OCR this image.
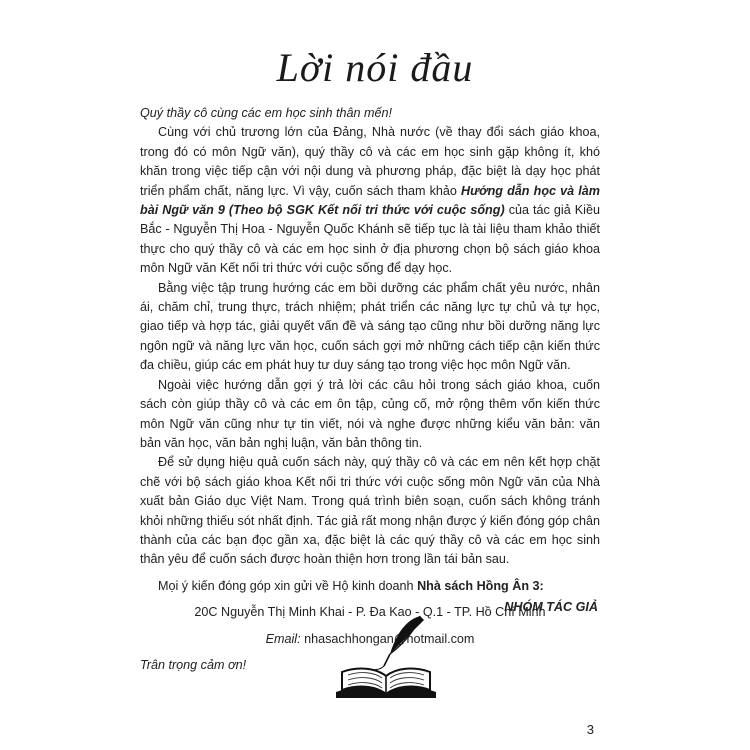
Lời nói đầu

Quý thầy cô cùng các em học sinh thân mến!

Cùng với chủ trương lớn của Đảng, Nhà nước (về thay đổi sách giáo khoa, trong đó có môn Ngữ văn), quý thầy cô và các em học sinh gặp không ít, khó khăn trong việc tiếp cận với nội dung và phương pháp, đặc biệt là dạy học phát triển phẩm chất, năng lực. Vì vậy, cuốn sách tham khảo Hướng dẫn học và làm bài Ngữ văn 9 (Theo bộ SGK Kết nối tri thức với cuộc sống) của tác giả Kiều Bắc - Nguyễn Thị Hoa - Nguyễn Quốc Khánh sẽ tiếp tục là tài liệu tham khảo thiết thực cho quý thầy cô và các em học sinh ở địa phương chọn bộ sách giáo khoa môn Ngữ văn Kết nối tri thức với cuộc sống để dạy học.

Bằng việc tập trung hướng các em bồi dưỡng các phẩm chất yêu nước, nhân ái, chăm chỉ, trung thực, trách nhiệm; phát triển các năng lực tự chủ và tự học, giao tiếp và hợp tác, giải quyết vấn đề và sáng tạo cũng như bồi dưỡng năng lực ngôn ngữ và năng lực văn học, cuốn sách gợi mở những cách tiếp cận kiến thức đa chiều, giúp các em phát huy tư duy sáng tạo trong việc học môn Ngữ văn.

Ngoài việc hướng dẫn gợi ý trả lời các câu hỏi trong sách giáo khoa, cuốn sách còn giúp thầy cô và các em ôn tập, củng cố, mở rộng thêm vốn kiến thức môn Ngữ văn cũng như tự tin viết, nói và nghe được những kiểu văn bản: văn bản văn học, văn bản nghị luận, văn bản thông tin.

Để sử dụng hiệu quả cuốn sách này, quý thầy cô và các em nên kết hợp chặt chẽ với bộ sách giáo khoa Kết nối tri thức với cuộc sống môn Ngữ văn của Nhà xuất bản Giáo dục Việt Nam. Trong quá trình biên soạn, cuốn sách không tránh khỏi những thiếu sót nhất định. Tác giả rất mong nhận được ý kiến đóng góp chân thành của các bạn đọc gần xa, đặc biệt là các quý thầy cô và các em học sinh thân yêu để cuốn sách được hoàn thiện hơn trong lần tái bản sau.

Mọi ý kiến đóng góp xin gửi về Hộ kinh doanh Nhà sách Hồng Ân 3:

20C Nguyễn Thị Minh Khai - P. Đa Kao - Q.1 - TP. Hồ Chí Minh

Email: nhasachhongan@hotmail.com

Trân trọng cảm ơn!

NHÓM TÁC GIẢ
3
